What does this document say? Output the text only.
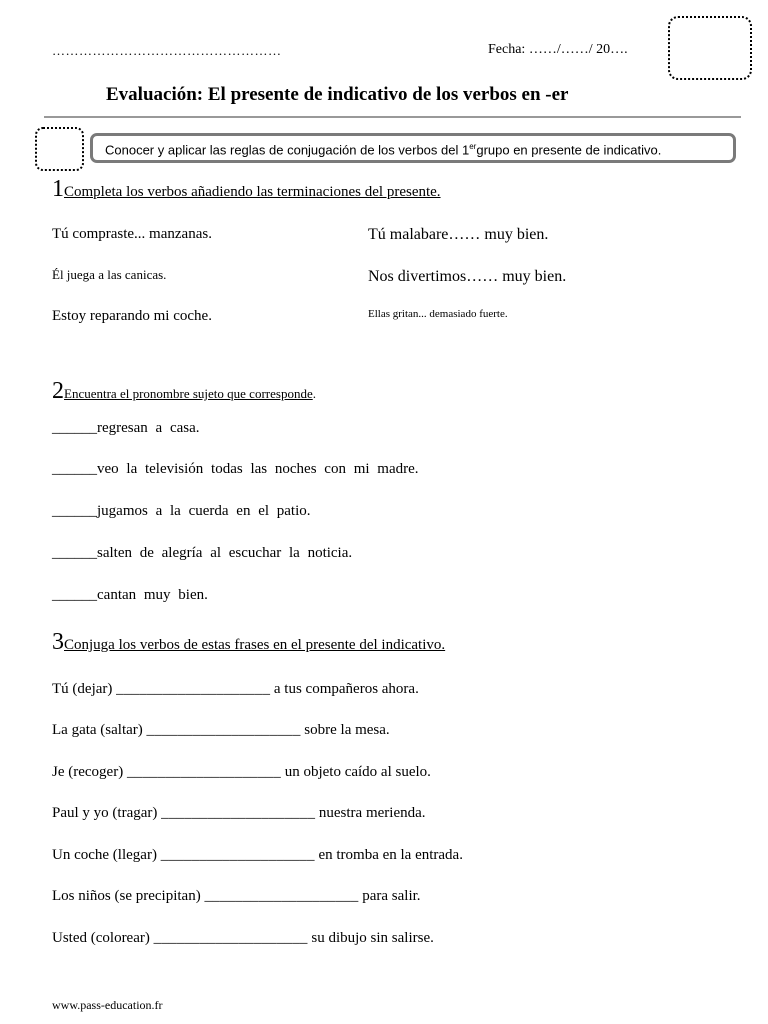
……………………………………………	Fecha: ……/……/ 20….
Evaluación: El presente de indicativo de los verbos en -er
Conocer y aplicar las reglas de conjugación de los verbos del 1ergrupo en presente de indicativo.
1Completa los verbos añadiendo las terminaciones del presente.
Tú compraste... manzanas.
Él juega a las canicas.
Estoy reparando mi coche.
Tú malabare…… muy bien.
Nos divertimos…… muy bien.
Ellas gritan... demasiado fuerte.
2Encuentra el pronombre sujeto que corresponde.
______regresan a casa.
______veo la televisión todas las noches con mi madre.
______jugamos a la cuerda en el patio.
______salten de alegría al escuchar la noticia.
______cantan muy bien.
3Conjuga los verbos de estas frases en el presente del indicativo.
Tú (dejar) ____________________ a tus compañeros ahora.
La gata (saltar) ____________________ sobre la mesa.
Je (recoger) ____________________ un objeto caído al suelo.
Paul y yo (tragar) ____________________ nuestra merienda.
Un coche (llegar) ____________________ en tromba en la entrada.
Los niños (se precipitan) ____________________ para salir.
Usted (colorear) ____________________ su dibujo sin salirse.
www.pass-education.fr
